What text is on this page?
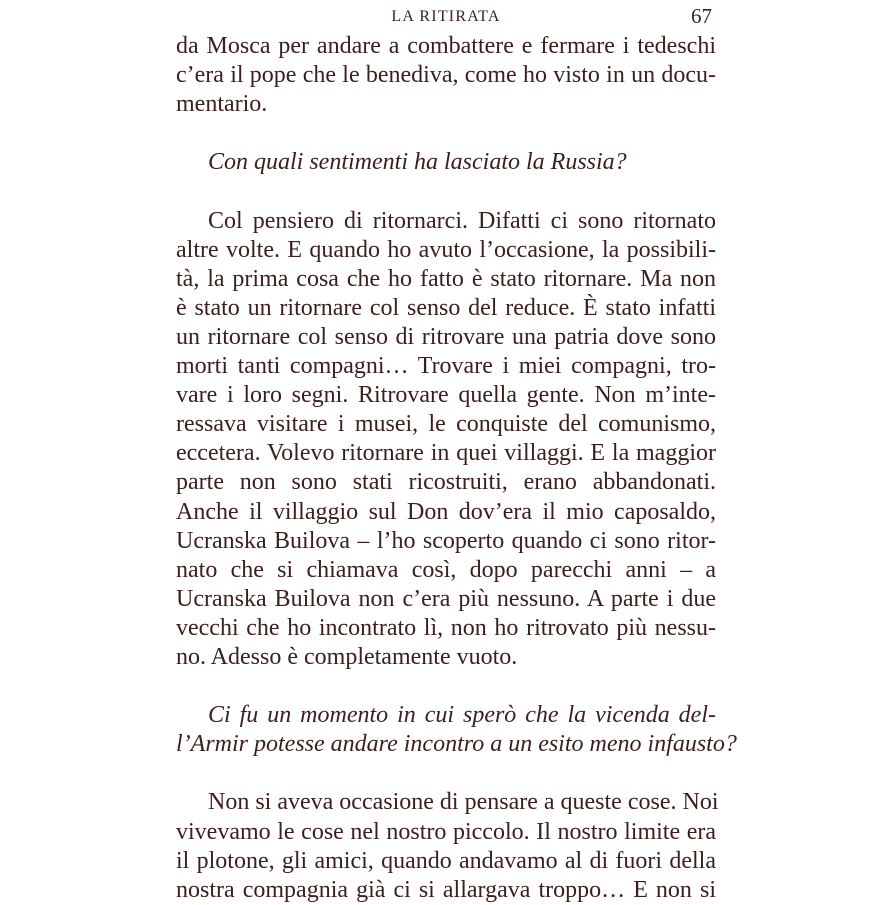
LA RITIRATA	67

da Mosca per andare a combattere e fermare i tedeschi
c’era il pope che le benediva, come ho visto in un docu-
mentario.

Con quali sentimenti ha lasciato la Russia?

Col pensiero di ritornarci. Difatti ci sono ritornato
altre volte. E quando ho avuto l’occasione, la possibili-
tà, la prima cosa che ho fatto è stato ritornare. Ma non
è stato un ritornare col senso del reduce. È stato infatti
un ritornare col senso di ritrovare una patria dove sono
morti tanti compagni… Trovare i miei compagni, tro-
vare i loro segni. Ritrovare quella gente. Non m’inte-
ressava visitare i musei, le conquiste del comunismo,
eccetera. Volevo ritornare in quei villaggi. E la maggior
parte non sono stati ricostruiti, erano abbandonati.
Anche il villaggio sul Don dov’era il mio caposaldo,
Ucranska Builova – l’ho scoperto quando ci sono ritor-
nato che si chiamava così, dopo parecchi anni – a
Ucranska Builova non c’era più nessuno. A parte i due
vecchi che ho incontrato lì, non ho ritrovato più nessu-
no. Adesso è completamente vuoto.

Ci fu un momento in cui sperò che la vicenda del-
l’Armir potesse andare incontro a un esito meno infausto?

Non si aveva occasione di pensare a queste cose. Noi
vivevamo le cose nel nostro piccolo. Il nostro limite era
il plotone, gli amici, quando andavamo al di fuori della
nostra compagnia già ci si allargava troppo… E non si
